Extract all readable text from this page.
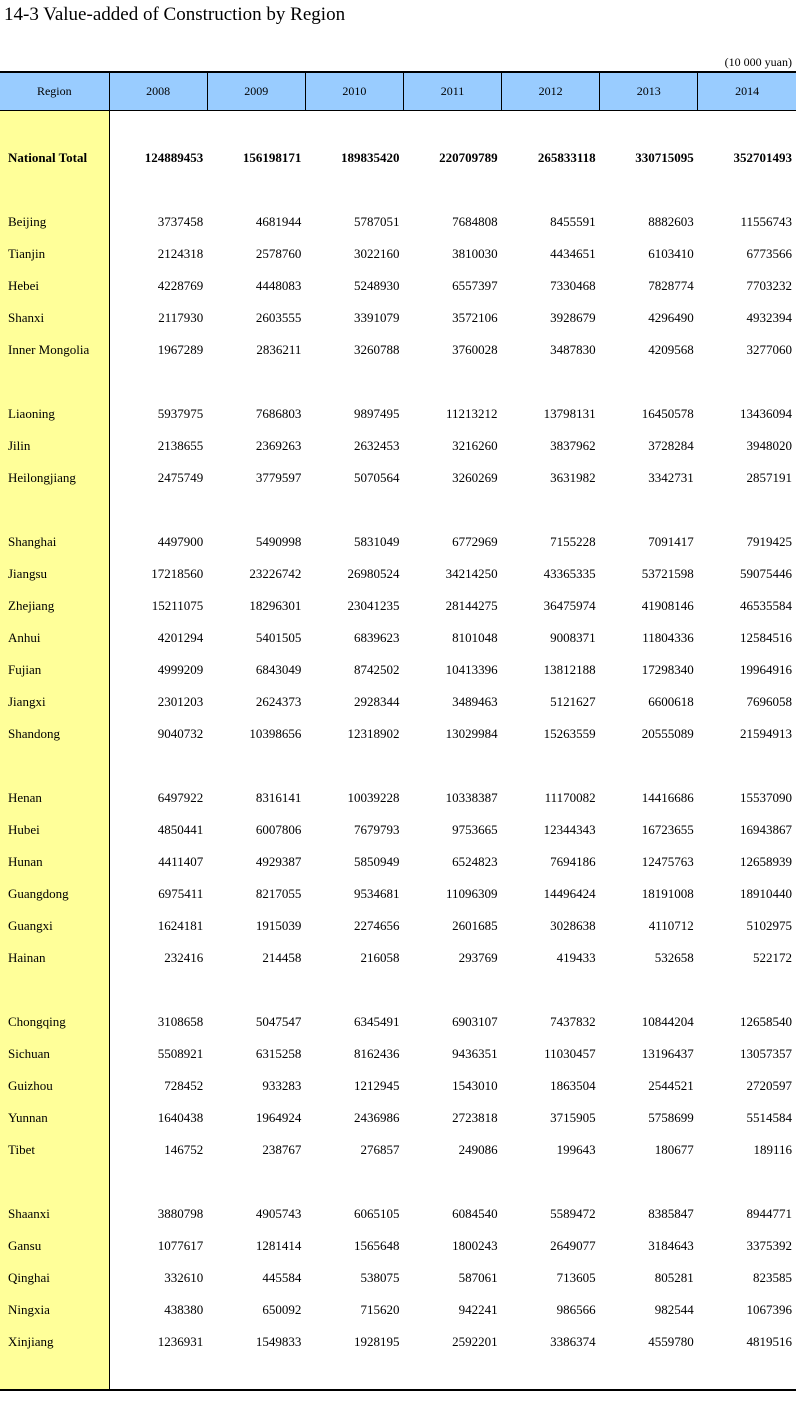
14-3 Value-added of Construction by Region
(10 000 yuan)
Region	2008	2009	2010	2011	2012	2013	2014

National Total	124889453	156198171	189835420	220709789	265833118	330715095	352701493

Beijing	3737458	4681944	5787051	7684808	8455591	8882603	11556743
Tianjin	2124318	2578760	3022160	3810030	4434651	6103410	6773566
Hebei	4228769	4448083	5248930	6557397	7330468	7828774	7703232
Shanxi	2117930	2603555	3391079	3572106	3928679	4296490	4932394
Inner Mongolia	1967289	2836211	3260788	3760028	3487830	4209568	3277060

Liaoning	5937975	7686803	9897495	11213212	13798131	16450578	13436094
Jilin	2138655	2369263	2632453	3216260	3837962	3728284	3948020
Heilongjiang	2475749	3779597	5070564	3260269	3631982	3342731	2857191

Shanghai	4497900	5490998	5831049	6772969	7155228	7091417	7919425
Jiangsu	17218560	23226742	26980524	34214250	43365335	53721598	59075446
Zhejiang	15211075	18296301	23041235	28144275	36475974	41908146	46535584
Anhui	4201294	5401505	6839623	8101048	9008371	11804336	12584516
Fujian	4999209	6843049	8742502	10413396	13812188	17298340	19964916
Jiangxi	2301203	2624373	2928344	3489463	5121627	6600618	7696058
Shandong	9040732	10398656	12318902	13029984	15263559	20555089	21594913

Henan	6497922	8316141	10039228	10338387	11170082	14416686	15537090
Hubei	4850441	6007806	7679793	9753665	12344343	16723655	16943867
Hunan	4411407	4929387	5850949	6524823	7694186	12475763	12658939
Guangdong	6975411	8217055	9534681	11096309	14496424	18191008	18910440
Guangxi	1624181	1915039	2274656	2601685	3028638	4110712	5102975
Hainan	232416	214458	216058	293769	419433	532658	522172

Chongqing	3108658	5047547	6345491	6903107	7437832	10844204	12658540
Sichuan	5508921	6315258	8162436	9436351	11030457	13196437	13057357
Guizhou	728452	933283	1212945	1543010	1863504	2544521	2720597
Yunnan	1640438	1964924	2436986	2723818	3715905	5758699	5514584
Tibet	146752	238767	276857	249086	199643	180677	189116

Shaanxi	3880798	4905743	6065105	6084540	5589472	8385847	8944771
Gansu	1077617	1281414	1565648	1800243	2649077	3184643	3375392
Qinghai	332610	445584	538075	587061	713605	805281	823585
Ningxia	438380	650092	715620	942241	986566	982544	1067396
Xinjiang	1236931	1549833	1928195	2592201	3386374	4559780	4819516
